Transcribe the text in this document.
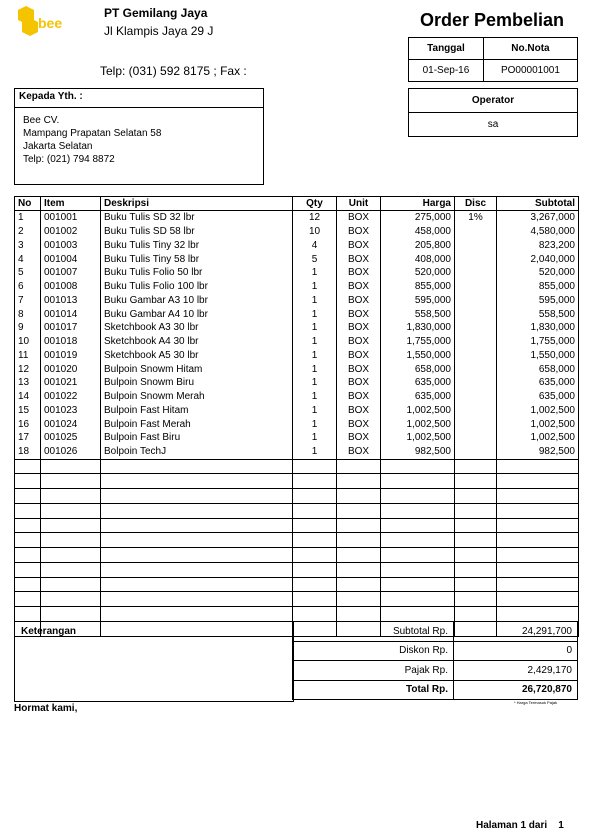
bee
PT Gemilang Jaya
Jl Klampis Jaya 29 J
Telp: (031) 592 8175 ; Fax :
Order Pembelian
Tanggal	No.Nota
01-Sep-16	PO00001001
Operator
sa
Kepada Yth. :
Bee CV.
Mampang Prapatan Selatan 58
Jakarta Selatan
Telp: (021) 794 8872
No	Item	Deskripsi	Qty	Unit	Harga	Disc	Subtotal
1	001001	Buku Tulis SD 32 lbr	12	BOX	275,000	1%	3,267,000
2	001002	Buku Tulis SD 58 lbr	10	BOX	458,000		4,580,000
3	001003	Buku Tulis Tiny 32 lbr	4	BOX	205,800		823,200
4	001004	Buku Tulis Tiny 58 lbr	5	BOX	408,000		2,040,000
5	001007	Buku Tulis Folio 50 lbr	1	BOX	520,000		520,000
6	001008	Buku Tulis Folio 100 lbr	1	BOX	855,000		855,000
7	001013	Buku Gambar A3 10 lbr	1	BOX	595,000		595,000
8	001014	Buku Gambar A4 10 lbr	1	BOX	558,500		558,500
9	001017	Sketchbook A3 30 lbr	1	BOX	1,830,000		1,830,000
10	001018	Sketchbook A4 30 lbr	1	BOX	1,755,000		1,755,000
11	001019	Sketchbook A5 30 lbr	1	BOX	1,550,000		1,550,000
12	001020	Bulpoin Snowm Hitam	1	BOX	658,000		658,000
13	001021	Bulpoin Snowm Biru	1	BOX	635,000		635,000
14	001022	Bulpoin Snowm Merah	1	BOX	635,000		635,000
15	001023	Bulpoin Fast Hitam	1	BOX	1,002,500		1,002,500
16	001024	Bulpoin Fast Merah	1	BOX	1,002,500		1,002,500
17	001025	Bulpoin Fast Biru	1	BOX	1,002,500		1,002,500
18	001026	Bolpoin TechJ	1	BOX	982,500		982,500

Keterangan	Subtotal Rp.	24,291,700
Diskon Rp.	0
Pajak Rp.	2,429,170
Total Rp.	26,720,870
* Harga Termasuk Pajak
Hormat kami,
Halaman 1 dari    1
